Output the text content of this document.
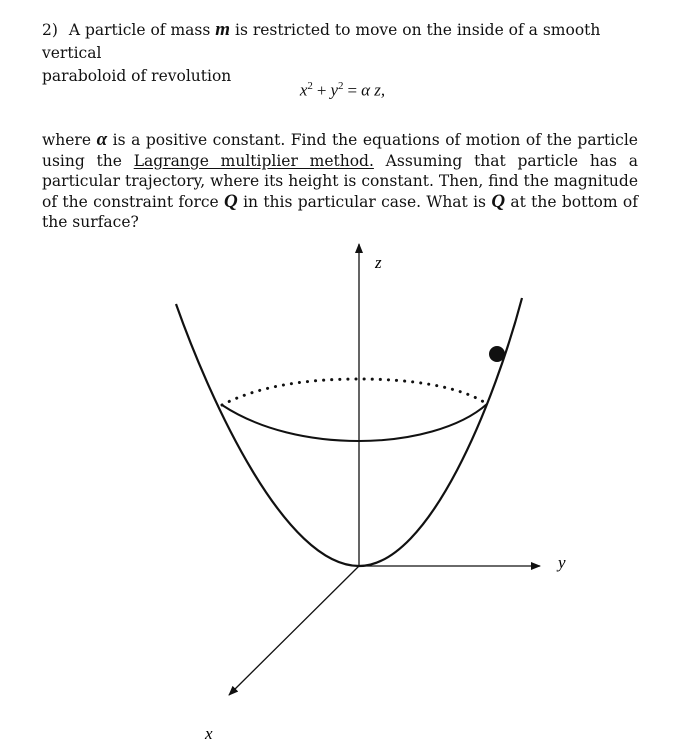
2) A particle of mass m is restricted to move on the inside of a smooth vertical

paraboloid of revolution

$x^2 + y^2 = \alpha$ z,

where α is a positive constant. Find the equations of motion of the particle using the Lagrange multiplier method. Assuming that particle has a particular trajectory, where its height is constant. Then, find the magnitude of the constraint force Q in this particular case. What is Q at the bottom of the surface?

z
y
x
